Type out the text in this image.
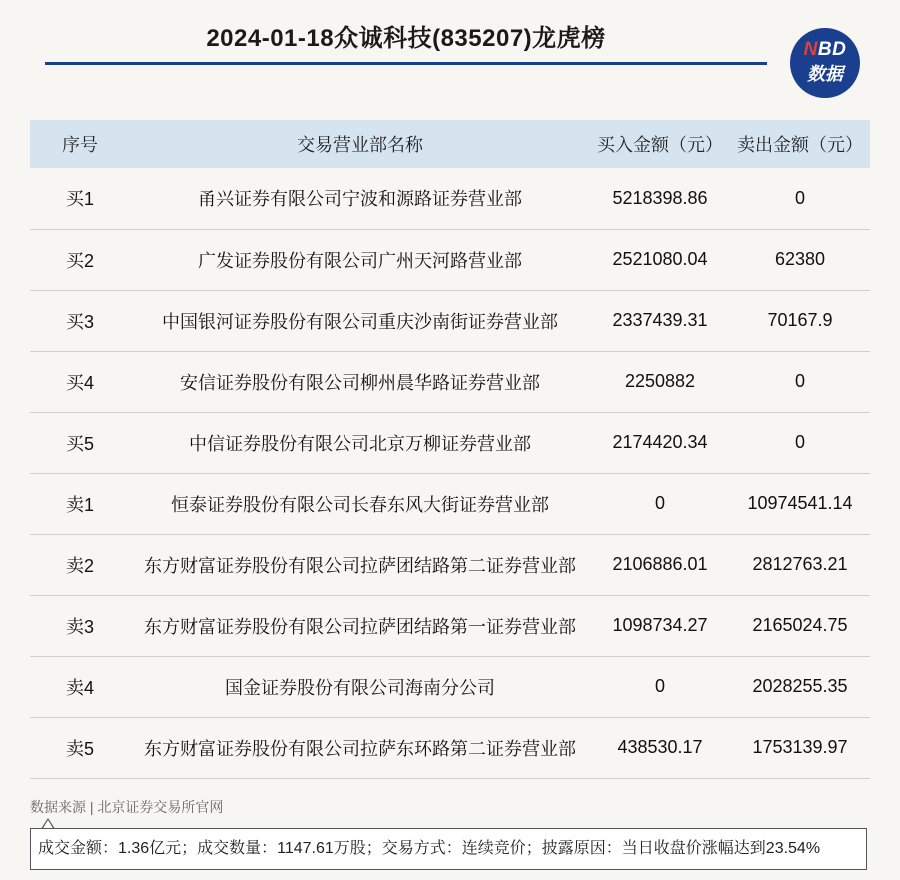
2024-01-18众诚科技(835207)龙虎榜	NBD
数据
序号	交易营业部名称	买入金额（元）	卖出金额（元）
买1	甬兴证券有限公司宁波和源路证券营业部	5218398.86	0
买2	广发证券股份有限公司广州天河路营业部	2521080.04	62380
买3	中国银河证券股份有限公司重庆沙南街证券营业部	2337439.31	70167.9
买4	安信证券股份有限公司柳州晨华路证券营业部	2250882	0
买5	中信证券股份有限公司北京万柳证券营业部	2174420.34	0
卖1	恒泰证券股份有限公司长春东风大街证券营业部	0	10974541.14
卖2	东方财富证券股份有限公司拉萨团结路第二证券营业部	2106886.01	2812763.21
卖3	东方财富证券股份有限公司拉萨团结路第一证券营业部	1098734.27	2165024.75
卖4	国金证券股份有限公司海南分公司	0	2028255.35
卖5	东方财富证券股份有限公司拉萨东环路第二证券营业部	438530.17	1753139.97
数据来源 | 北京证券交易所官网
成交金额：1.36亿元；成交数量：1147.61万股；交易方式：连续竞价；披露原因：当日收盘价涨幅达到23.54%
